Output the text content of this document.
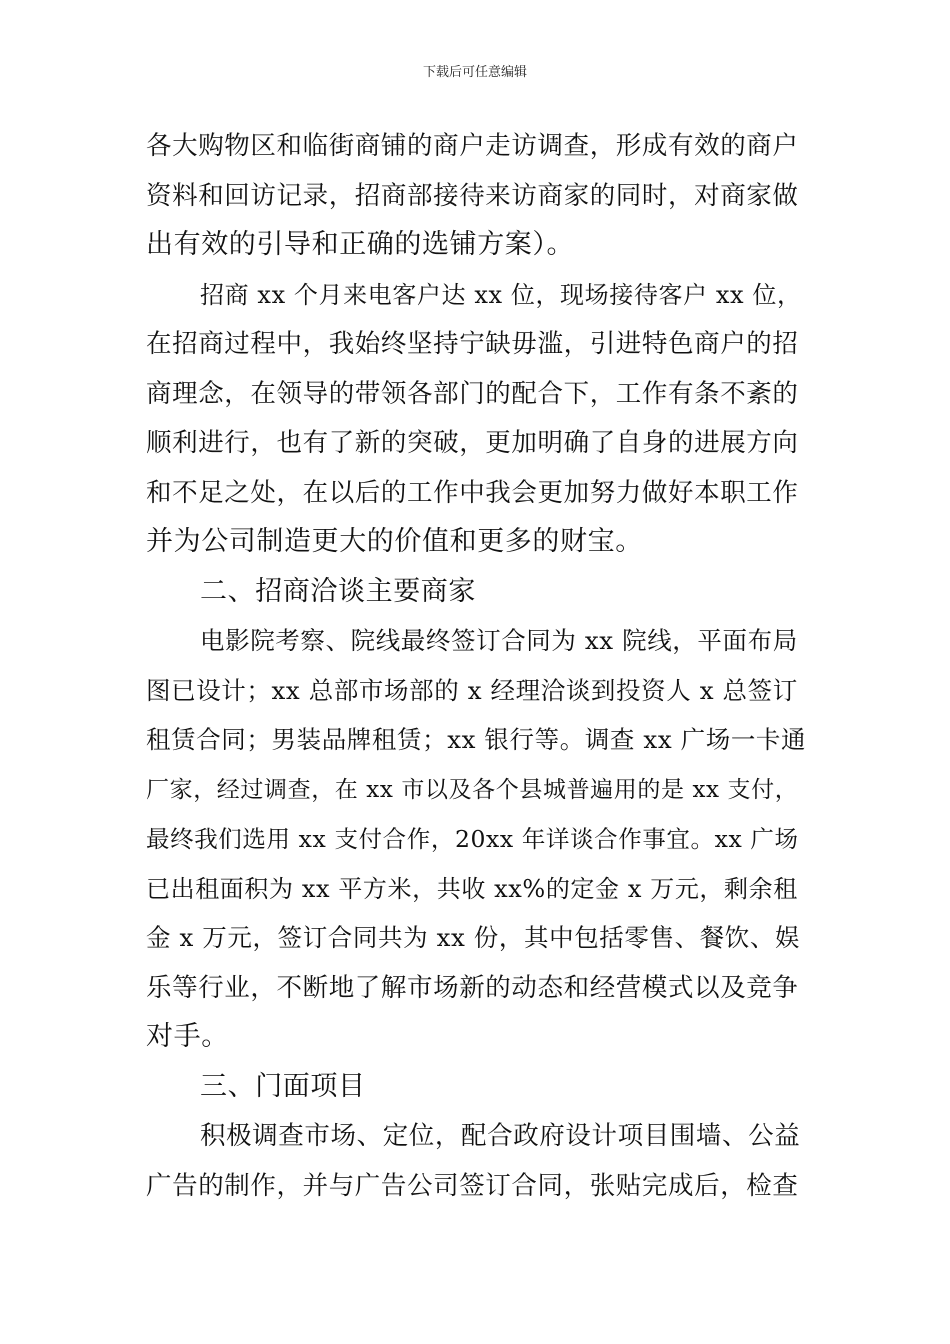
下载后可任意编辑
各大购物区和临街商铺的商户走访调查，形成有效的商户
资料和回访记录，招商部接待来访商家的同时，对商家做
出有效的引导和正确的选铺方案）。
招商 xx 个月来电客户达 xx 位，现场接待客户 xx 位，
在招商过程中，我始终坚持宁缺毋滥，引进特色商户的招
商理念，在领导的带领各部门的配合下，工作有条不紊的
顺利进行，也有了新的突破，更加明确了自身的进展方向
和不足之处，在以后的工作中我会更加努力做好本职工作
并为公司制造更大的价值和更多的财宝。
二、招商洽谈主要商家
电影院考察、院线最终签订合同为 xx 院线，平面布局
图已设计；xx 总部市场部的 x 经理洽谈到投资人 x 总签订
租赁合同；男装品牌租赁；xx 银行等。调查 xx 广场一卡通
厂家，经过调查，在 xx 市以及各个县城普遍用的是 xx 支付，
最终我们选用 xx 支付合作，20xx 年详谈合作事宜。xx 广场
已出租面积为 xx 平方米，共收 xx%的定金 x 万元，剩余租
金 x 万元，签订合同共为 xx 份，其中包括零售、餐饮、娱
乐等行业，不断地了解市场新的动态和经营模式以及竞争
对手。
三、门面项目
积极调查市场、定位，配合政府设计项目围墙、公益
广告的制作，并与广告公司签订合同，张贴完成后，检查
